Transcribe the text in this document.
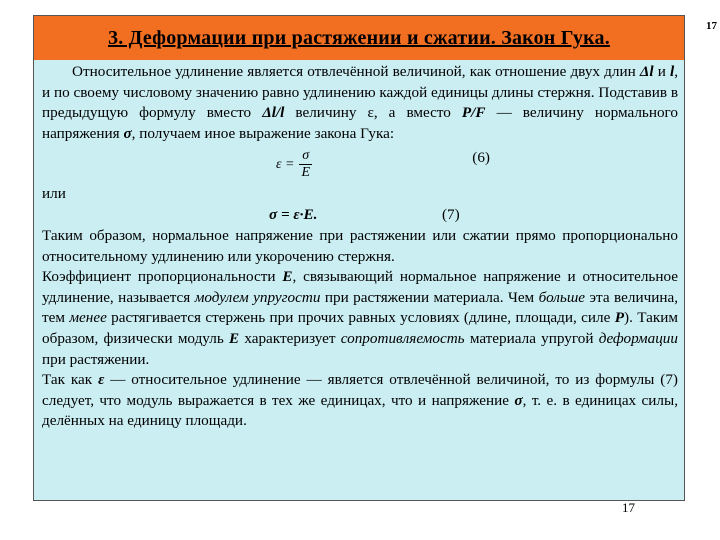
17
3. Деформации при растяжении и сжатии. Закон Гука.

Относительное удлинение является отвлечённой величиной, как отношение двух длин Δl и l, и по своему числовому значению равно удлинению каждой единицы длины стержня. Подставив в предыдущую формулу вместо Δl/l величину ε, а вместо P/F — величину нормального напряжения σ, получаем иное выражение закона Гука:

$\varepsilon = \frac{\sigma}{E}$	(6)

или

σ = ε·E.	(7)

Таким образом, нормальное напряжение при растяжении или сжатии прямо пропорционально относительному удлинению или укорочению стержня.

Коэффициент пропорциональности E, связывающий нормальное напряжение и относительное удлинение, называется модулем упругости при растяжении материала. Чем больше эта величина, тем менее растягивается стержень при прочих равных условиях (длине, площади, силе P). Таким образом, физически модуль E характеризует сопротивляемость материала упругой деформации при растяжении.

Так как ε — относительное удлинение — является отвлечённой величиной, то из формулы (7) следует, что модуль выражается в тех же единицах, что и напряжение σ, т. е. в единицах силы, делённых на единицу площади.

17
